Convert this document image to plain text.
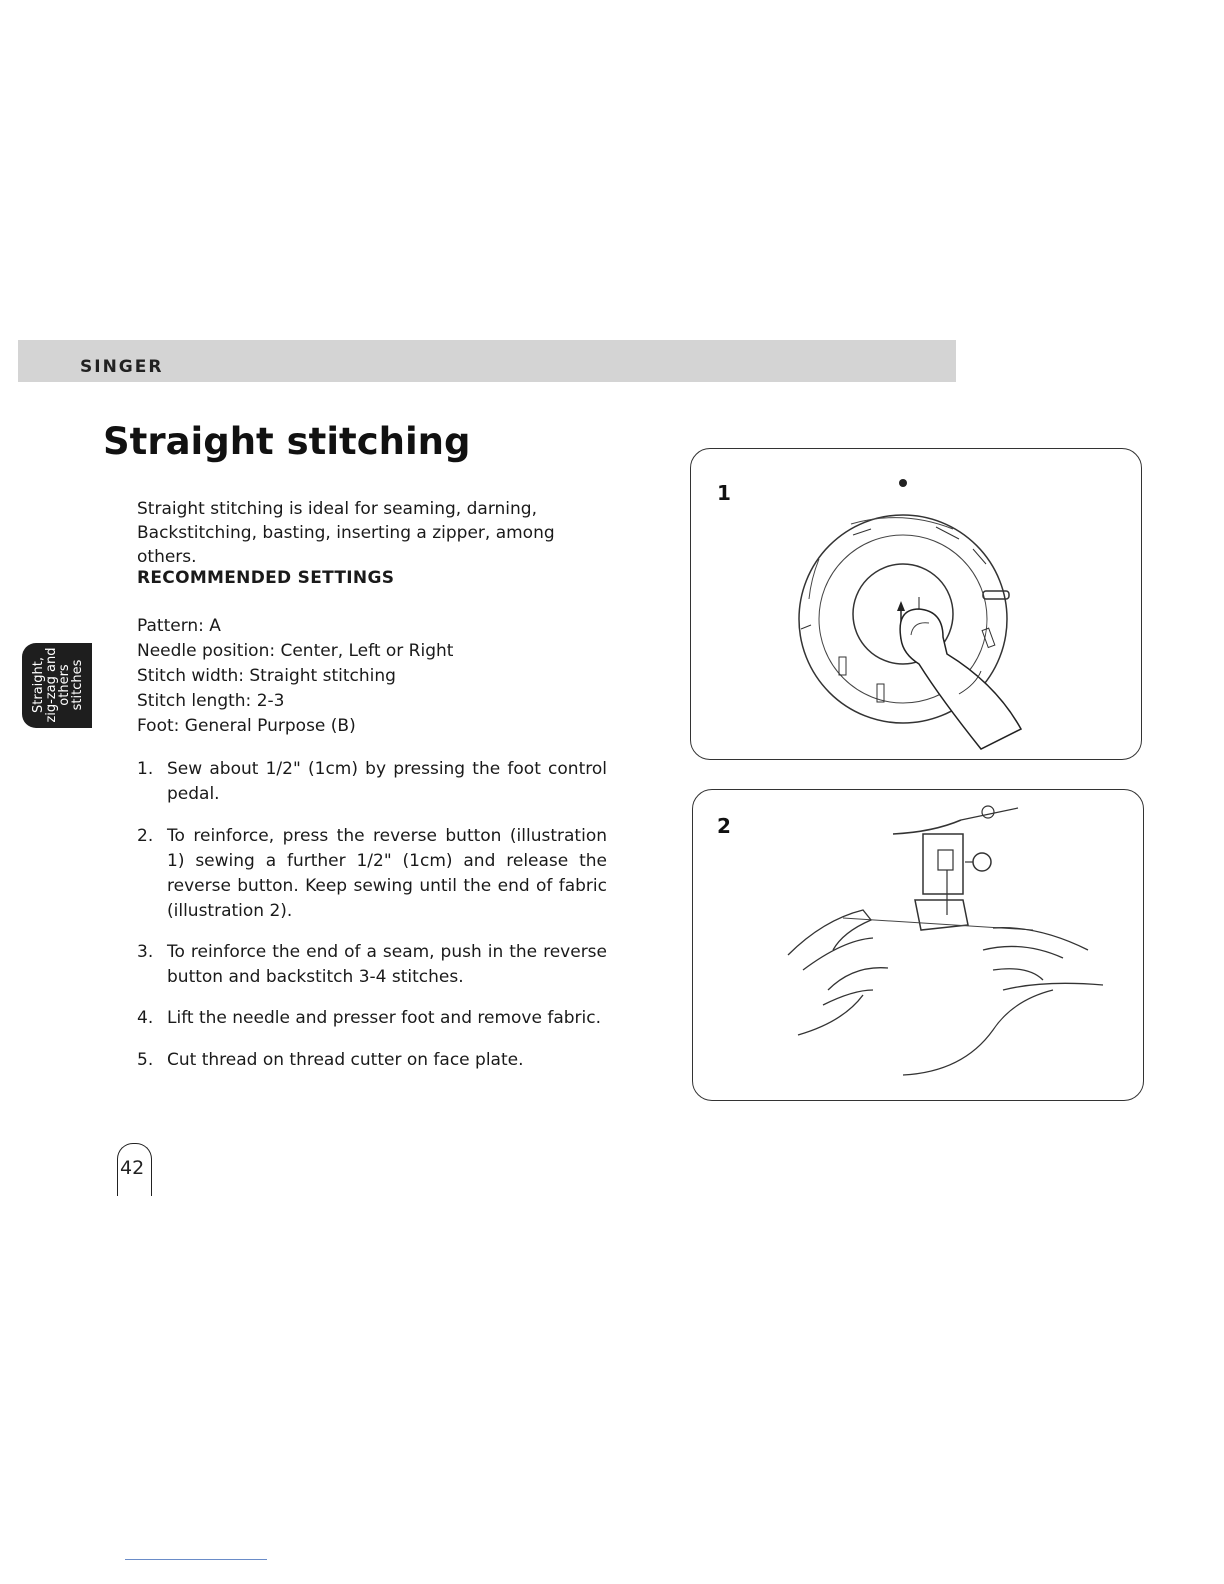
SINGER
Straight,
zig-zag and
others
stitches
Straight stitching

Straight stitching is ideal for seaming, darning,

Backstitching, basting, inserting a zipper, among others.

RECOMMENDED SETTINGS
Pattern: A
Needle position: Center, Left or Right
Stitch width: Straight stitching
Stitch length: 2-3
Foot: General Purpose (B)
1. Sew about 1/2" (1cm) by pressing the foot control pedal.
2. To reinforce, press the reverse button (illustration 1) sewing a further 1/2" (1cm) and release the reverse button. Keep sewing until the end of fabric (illustration 2).
3. To reinforce the end of a seam, push in the reverse button and backstitch 3-4 stitches.
4. Lift the needle and presser foot and remove fabric.
5. Cut thread on thread cutter on face plate.
1
2
42
